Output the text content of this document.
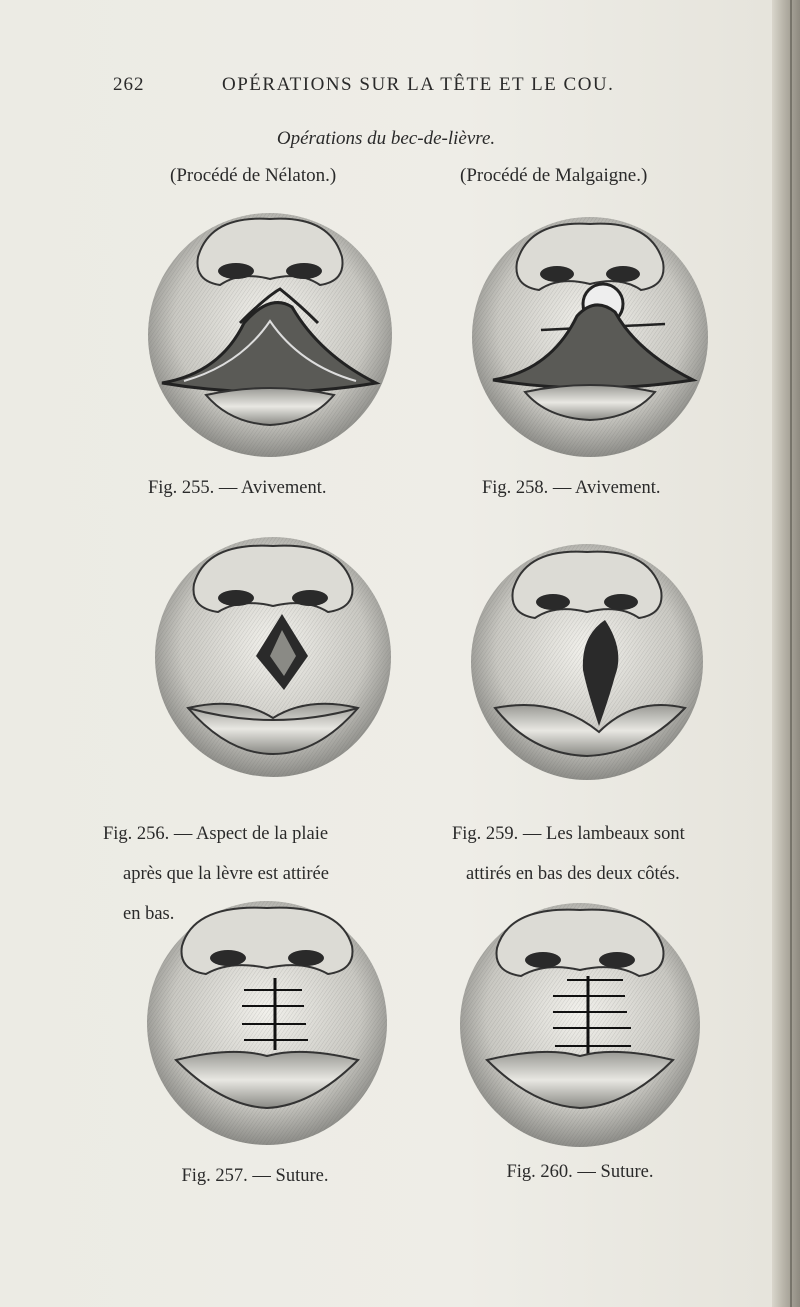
262	OPÉRATIONS SUR LA TÊTE ET LE COU.
Opérations du bec-de-lièvre.
(Procédé de Nélaton.)	(Procédé de Malgaigne.)
Fig. 255. — Avivement.	Fig. 258. — Avivement.

Fig. 256. — Aspect de la plaie

après que la lèvre est attirée

en bas.

Fig. 259. — Les lambeaux sont

attirés en bas des deux côtés.

Fig. 257. — Suture.	Fig. 260. — Suture.
